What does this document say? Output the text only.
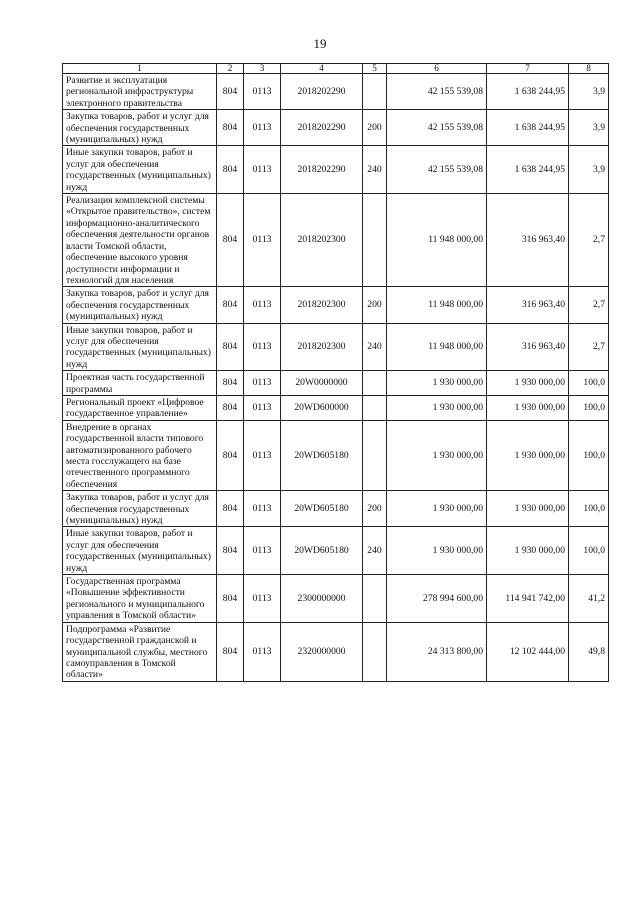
19
1	2	3	4	5	6	7	8
Развитие и эксплуатация региональной инфраструктуры электронного правительства	804	0113	2018202290		42 155 539,08	1 638 244,95	3,9
Закупка товаров, работ и услуг для обеспечения государственных (муниципальных) нужд	804	0113	2018202290	200	42 155 539,08	1 638 244,95	3,9
Иные закупки товаров, работ и услуг для обеспечения государственных (муниципальных) нужд	804	0113	2018202290	240	42 155 539,08	1 638 244,95	3,9
Реализация комплексной системы «Открытое правительство», систем информационно-аналитического обеспечения деятельности органов власти Томской области, обеспечение высокого уровня доступности информации и технологий для населения	804	0113	2018202300		11 948 000,00	316 963,40	2,7
Закупка товаров, работ и услуг для обеспечения государственных (муниципальных) нужд	804	0113	2018202300	200	11 948 000,00	316 963,40	2,7
Иные закупки товаров, работ и услуг для обеспечения государственных (муниципальных) нужд	804	0113	2018202300	240	11 948 000,00	316 963,40	2,7
Проектная часть государственной программы	804	0113	20W0000000		1 930 000,00	1 930 000,00	100,0
Региональный проект «Цифровое государственное управление»	804	0113	20WD600000		1 930 000,00	1 930 000,00	100,0
Внедрение в органах государственной власти типового автоматизированного рабочего места госслужащего на базе отечественного программного обеспечения	804	0113	20WD605180		1 930 000,00	1 930 000,00	100,0
Закупка товаров, работ и услуг для обеспечения государственных (муниципальных) нужд	804	0113	20WD605180	200	1 930 000,00	1 930 000,00	100,0
Иные закупки товаров, работ и услуг для обеспечения государственных (муниципальных) нужд	804	0113	20WD605180	240	1 930 000,00	1 930 000,00	100,0
Государственная программа «Повышение эффективности регионального и муниципального управления в Томской области»	804	0113	2300000000		278 994 600,00	114 941 742,00	41,2
Подпрограмма «Развитие государственной гражданской и муниципальной службы, местного самоуправления в Томской области»	804	0113	2320000000		24 313 800,00	12 102 444,00	49,8
